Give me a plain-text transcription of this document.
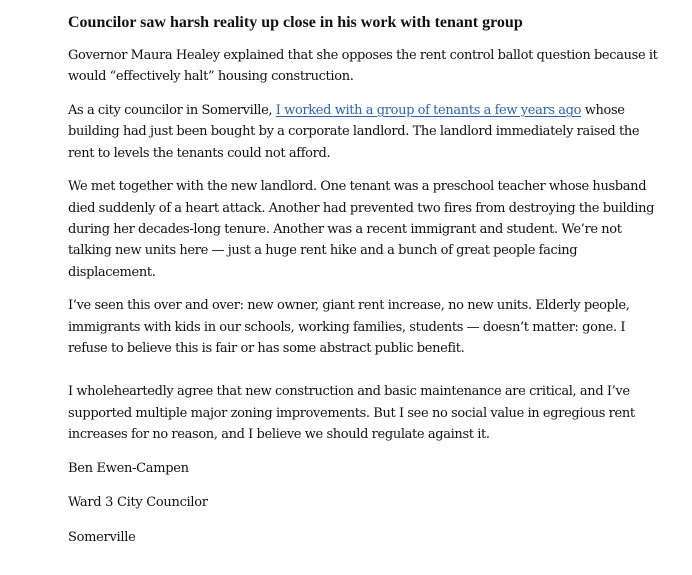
Councilor saw harsh reality up close in his work with tenant group

Governor Maura Healey explained that she opposes the rent control ballot question because it would “effectively halt” housing construction.

As a city councilor in Somerville, I worked with a group of tenants a few years ago whose building had just been bought by a corporate landlord. The landlord immediately raised the rent to levels the tenants could not afford.

We met together with the new landlord. One tenant was a preschool teacher whose husband died suddenly of a heart attack. Another had prevented two fires from destroying the building during her decades-long tenure. Another was a recent immigrant and student. We’re not talking new units here — just a huge rent hike and a bunch of great people facing displacement.

I’ve seen this over and over: new owner, giant rent increase, no new units. Elderly people, immigrants with kids in our schools, working families, students — doesn’t matter: gone. I refuse to believe this is fair or has some abstract public benefit.

I wholeheartedly agree that new construction and basic maintenance are critical, and I’ve supported multiple major zoning improvements. But I see no social value in egregious rent increases for no reason, and I believe we should regulate against it.

Ben Ewen-Campen

Ward 3 City Councilor

Somerville
